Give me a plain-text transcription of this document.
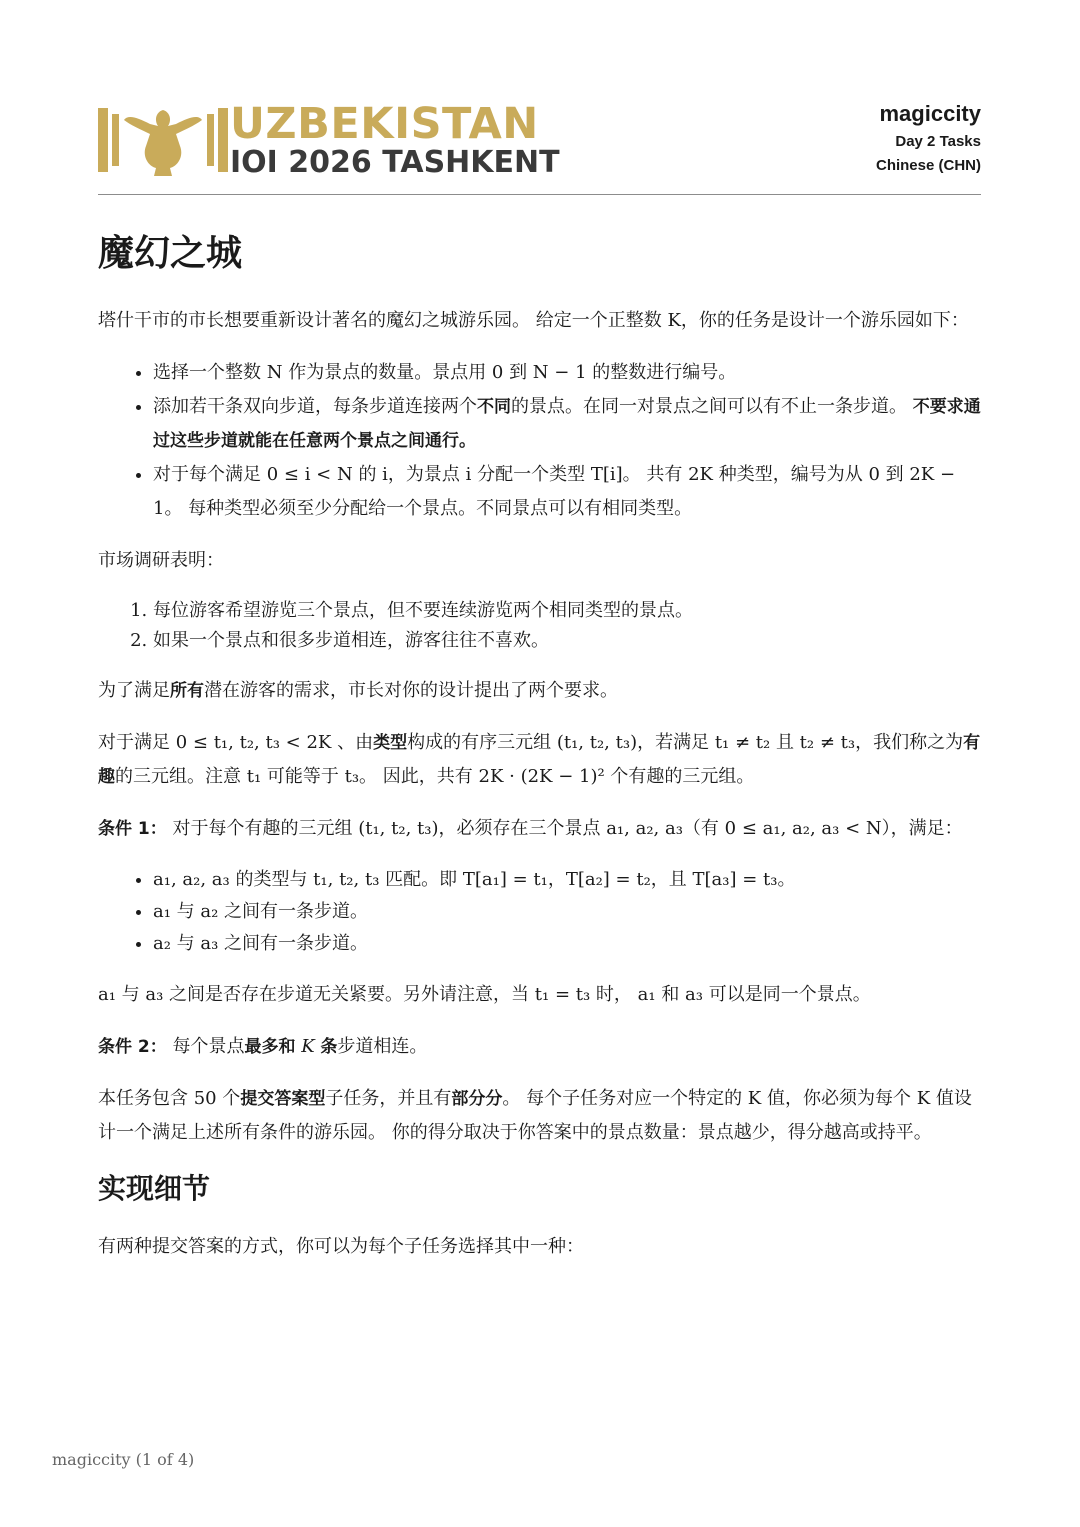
UZBEKISTAN
IOI 2026 TASHKENT
magiccity
Day 2 Tasks
Chinese (CHN)
魔幻之城

塔什干市的市长想要重新设计著名的魔幻之城游乐园。 给定一个正整数 K，你的任务是设计一个游乐园如下：

• 选择一个整数 N 作为景点的数量。景点用 0 到 N − 1 的整数进行编号。
• 添加若干条双向步道，每条步道连接两个不同的景点。在同一对景点之间可以有不止一条步道。 不要求通过这些步道就能在任意两个景点之间通行。
• 对于每个满足 0 ≤ i < N 的 i，为景点 i 分配一个类型 T[i]。 共有 2K 种类型，编号为从 0 到 2K − 1。 每种类型必须至少分配给一个景点。不同景点可以有相同类型。

市场调研表明：

1. 每位游客希望游览三个景点，但不要连续游览两个相同类型的景点。
2. 如果一个景点和很多步道相连，游客往往不喜欢。

为了满足所有潜在游客的需求，市长对你的设计提出了两个要求。

对于满足 0 ≤ t₁, t₂, t₃ < 2K 、由类型构成的有序三元组 (t₁, t₂, t₃)，若满足 t₁ ≠ t₂ 且 t₂ ≠ t₃，我们称之为有趣的三元组。注意 t₁ 可能等于 t₃。 因此，共有 2K · (2K − 1)² 个有趣的三元组。

条件 1： 对于每个有趣的三元组 (t₁, t₂, t₃)，必须存在三个景点 a₁, a₂, a₃（有 0 ≤ a₁, a₂, a₃ < N），满足：

• a₁, a₂, a₃ 的类型与 t₁, t₂, t₃ 匹配。即 T[a₁] = t₁，T[a₂] = t₂，且 T[a₃] = t₃。
• a₁ 与 a₂ 之间有一条步道。
• a₂ 与 a₃ 之间有一条步道。

a₁ 与 a₃ 之间是否存在步道无关紧要。另外请注意，当 t₁ = t₃ 时， a₁ 和 a₃ 可以是同一个景点。

条件 2： 每个景点最多和 K 条步道相连。

本任务包含 50 个提交答案型子任务，并且有部分分。 每个子任务对应一个特定的 K 值，你必须为每个 K 值设计一个满足上述所有条件的游乐园。 你的得分取决于你答案中的景点数量：景点越少，得分越高或持平。

实现细节

有两种提交答案的方式，你可以为每个子任务选择其中一种：

magiccity (1 of 4)
